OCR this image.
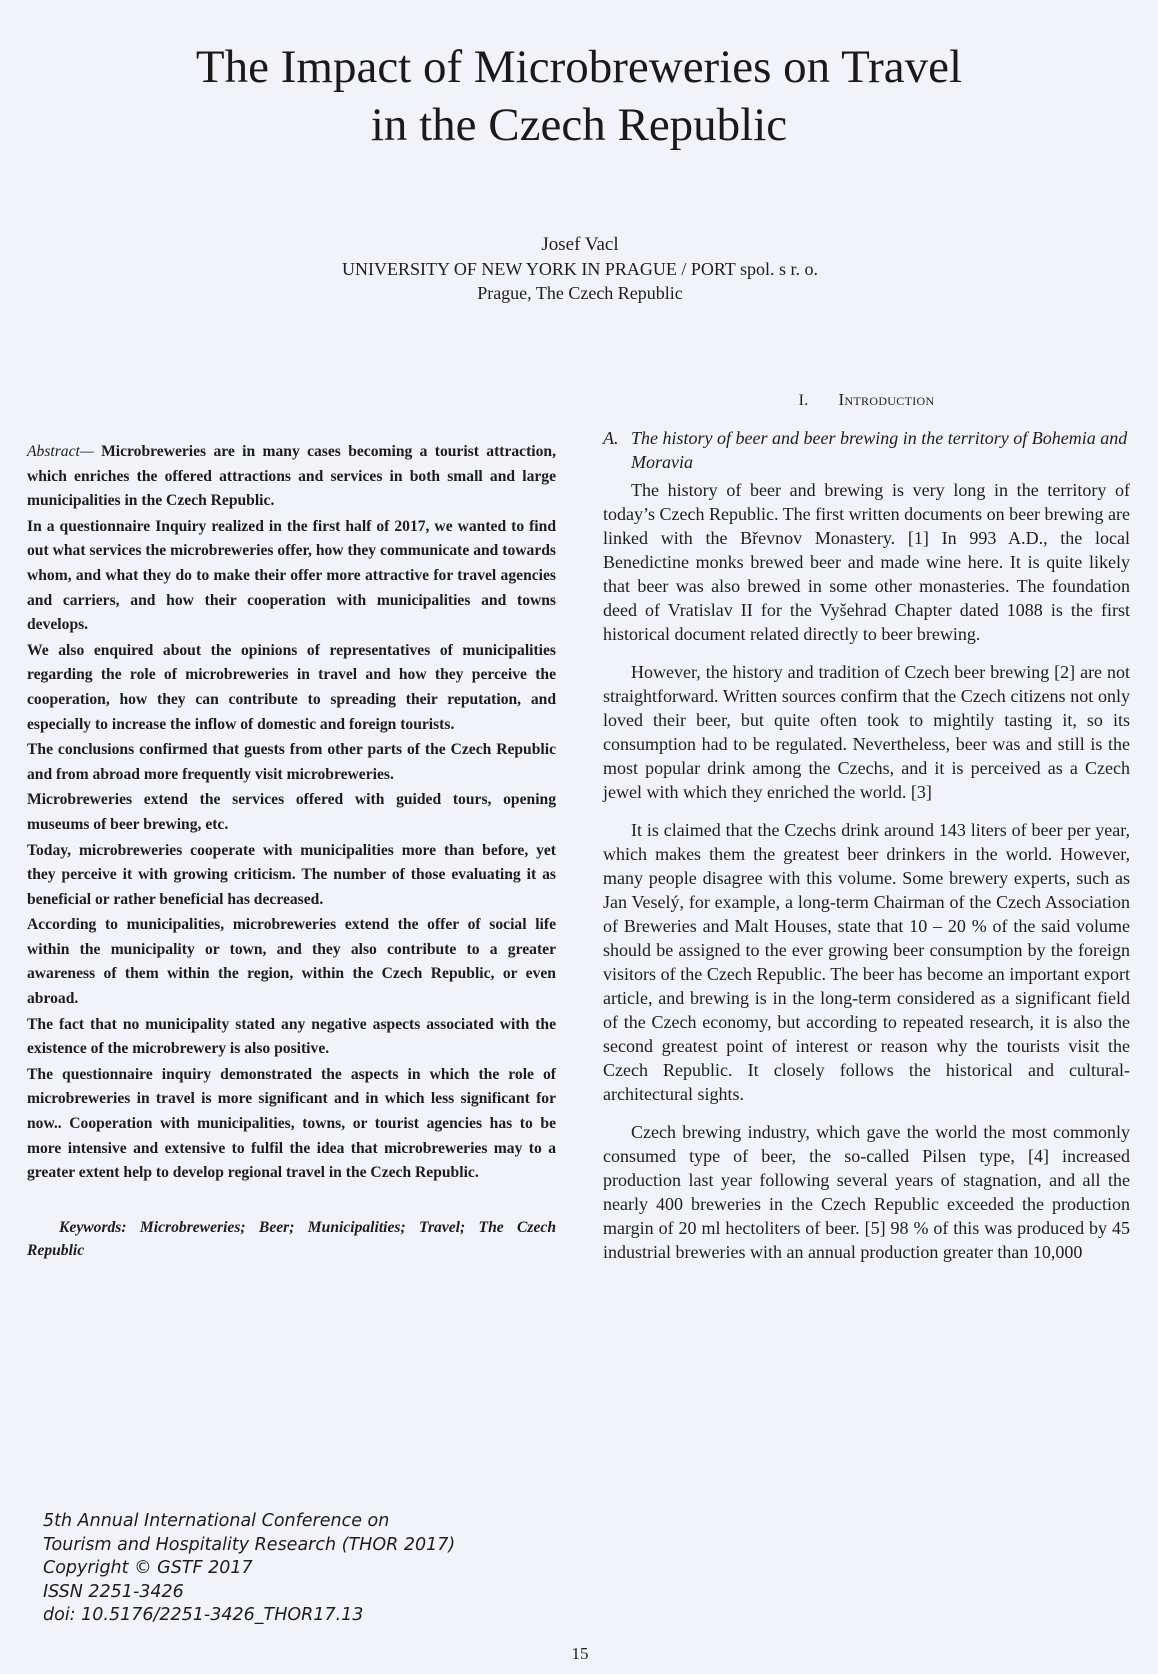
The Impact of Microbreweries on Travel
in the Czech Republic
Josef Vacl
UNIVERSITY OF NEW YORK IN PRAGUE / PORT spol. s r. o.
Prague, The Czech Republic

Abstract— Microbreweries are in many cases becoming a tourist attraction, which enriches the offered attractions and services in both small and large municipalities in the Czech Republic.

In a questionnaire Inquiry realized in the first half of 2017, we wanted to find out what services the microbreweries offer, how they communicate and towards whom, and what they do to make their offer more attractive for travel agencies and carriers, and how their cooperation with municipalities and towns develops.

We also enquired about the opinions of representatives of municipalities regarding the role of microbreweries in travel and how they perceive the cooperation, how they can contribute to spreading their reputation, and especially to increase the inflow of domestic and foreign tourists.

The conclusions confirmed that guests from other parts of the Czech Republic and from abroad more frequently visit microbreweries.

Microbreweries extend the services offered with guided tours, opening museums of beer brewing, etc.

Today, microbreweries cooperate with municipalities more than before, yet they perceive it with growing criticism. The number of those evaluating it as beneficial or rather beneficial has decreased.

According to municipalities, microbreweries extend the offer of social life within the municipality or town, and they also contribute to a greater awareness of them within the region, within the Czech Republic, or even abroad.

The fact that no municipality stated any negative aspects associated with the existence of the microbrewery is also positive.

The questionnaire inquiry demonstrated the aspects in which the role of microbreweries in travel is more significant and in which less significant for now.. Cooperation with municipalities, towns, or tourist agencies has to be more intensive and extensive to fulfil the idea that microbreweries may to a greater extent help to develop regional travel in the Czech Republic.

Keywords: Microbreweries; Beer; Municipalities; Travel; The Czech Republic
I. Introduction
A. The history of beer and beer brewing in the territory of Bohemia and Moravia

The history of beer and brewing is very long in the territory of today’s Czech Republic. The first written documents on beer brewing are linked with the Břevnov Monastery. [1] In 993 A.D., the local Benedictine monks brewed beer and made wine here. It is quite likely that beer was also brewed in some other monasteries. The foundation deed of Vratislav II for the Vyšehrad Chapter dated 1088 is the first historical document related directly to beer brewing.

However, the history and tradition of Czech beer brewing [2] are not straightforward. Written sources confirm that the Czech citizens not only loved their beer, but quite often took to mightily tasting it, so its consumption had to be regulated. Nevertheless, beer was and still is the most popular drink among the Czechs, and it is perceived as a Czech jewel with which they enriched the world. [3]

It is claimed that the Czechs drink around 143 liters of beer per year, which makes them the greatest beer drinkers in the world. However, many people disagree with this volume. Some brewery experts, such as Jan Veselý, for example, a long-term Chairman of the Czech Association of Breweries and Malt Houses, state that 10 – 20 % of the said volume should be assigned to the ever growing beer consumption by the foreign visitors of the Czech Republic. The beer has become an important export article, and brewing is in the long-term considered as a significant field of the Czech economy, but according to repeated research, it is also the second greatest point of interest or reason why the tourists visit the Czech Republic. It closely follows the historical and cultural-architectural sights.

Czech brewing industry, which gave the world the most commonly consumed type of beer, the so-called Pilsen type, [4] increased production last year following several years of stagnation, and all the nearly 400 breweries in the Czech Republic exceeded the production margin of 20 ml hectoliters of beer. [5] 98 % of this was produced by 45 industrial breweries with an annual production greater than 10,000

5th Annual International Conference on
Tourism and Hospitality Research (THOR 2017)
Copyright © GSTF 2017
ISSN 2251-3426
doi: 10.5176/2251-3426_THOR17.13
15
